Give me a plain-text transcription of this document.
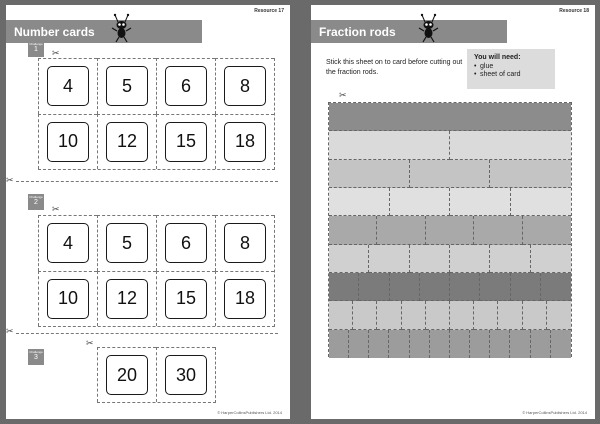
Resource 17
Number cards
Challenge
1	✂
4	5	6	8
10	12	15	18
✂
Challenge
2
✂
4	5	6	8
10	12	15	18
✂
Challenge
3
✂
20	30
© HarperCollinsPublishers Ltd. 2014
Resource 18
Fraction rods
Stick this sheet on to card before cutting out the fraction rods.
You will need:
• glue
• sheet of card
✂
© HarperCollinsPublishers Ltd. 2014
